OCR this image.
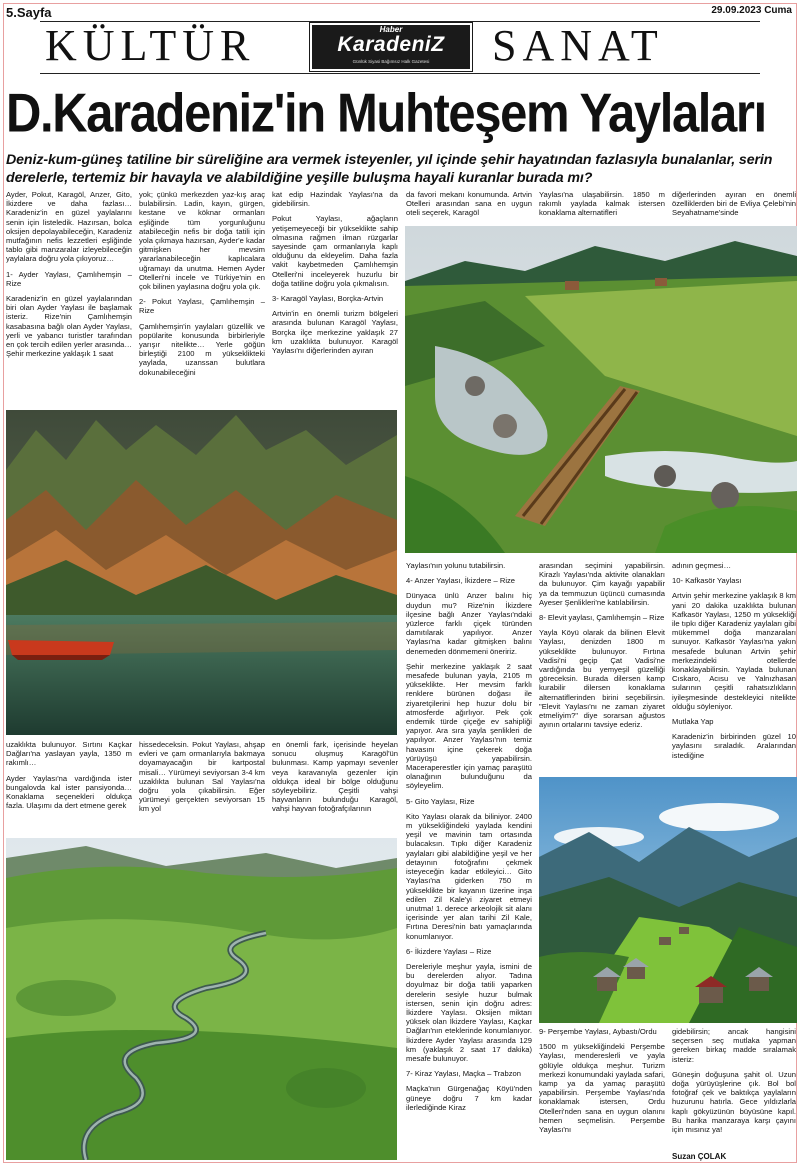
5.Sayfa	29.09.2023 Cuma
KÜLTÜR	Haber
KaradeniZ
Günlük Siyasi Bağımsız Halk Gazetesi	SANAT
D.Karadeniz'in Muhteşem Yaylaları
Deniz-kum-güneş tatiline bir süreliğine ara vermek isteyenler, yıl içinde şehir hayatından fazlasıyla bunalanlar, serin derelerle, tertemiz bir havayla ve alabildiğine yeşille buluşma hayali kuranlar burada mı?

Ayder, Pokut, Karagöl, Anzer, Gito, İkizdere ve daha fazlası… Karadeniz'in en güzel yaylalarını senin için listeledik. Hazırsan, bolca oksijen depolayabileceğin, Karadeniz mutfağının nefis lezzetleri eşliğinde tablo gibi manzaralar izleyebileceğin yaylalara doğru yola çıkıyoruz…

1- Ayder Yaylası, Çamlıhemşin – Rize

Karadeniz'in en güzel yaylalarından biri olan Ayder Yaylası ile başlamak isteriz. Rize'nin Çamlıhemşin kasabasına bağlı olan Ayder Yaylası, yerli ve yabancı turistler tarafından en çok tercih edilen yerler arasında… Şehir merkezine yaklaşık 1 saat

yok; çünkü merkezden yaz-kış araç bulabilirsin. Ladin, kayın, gürgen, kestane ve köknar ormanları eşliğinde tüm yorgunluğunu atabileceğin nefis bir doğa tatili için yola çıkmaya hazırsan, Ayder'e kadar gitmişken her mevsim yararlanabileceğin kaplıcalara uğramayı da unutma. Hemen Ayder Otelleri'ni incele ve Türkiye'nin en çok bilinen yaylasına doğru yola çık.

2- Pokut Yaylası, Çamlıhemşin – Rize

Çamlıhemşin'in yaylaları güzellik ve popülarite konusunda birbirleriyle yarışır nitelikte… Yerle göğün birleştiği 2100 m yükseklikteki yaylada, uzanssan bulutlara dokunabileceğini

kat edip Hazindak Yaylası'na da gidebilirsin.

Pokut Yaylası, ağaçların yetişemeyeceği bir yükseklikte sahip olmasına rağmen ilman rüzgarlar sayesinde çam ormanlarıyla kaplı olduğunu da ekleyelim. Daha fazla vakit kaybetmeden Çamlıhemşin Otelleri'ni inceleyerek huzurlu bir doğa tatiline doğru yola çıkmalısın.

3- Karagöl Yaylası, Borçka-Artvin

Artvin'in en önemli turizm bölgeleri arasında bulunan Karagöl Yaylası, Borçka ilçe merkezine yaklaşık 27 km uzaklıkta bulunuyor. Karagöl Yaylası'nı diğerlerinden ayıran

da favori mekanı konumunda. Artvin Otelleri arasından sana en uygun oteli seçerek, Karagöl

Yaylası'na ulaşabilirsin. 1850 m rakımlı yaylada kalmak istersen konaklama alternatifleri

diğerlerinden ayıran en önemli özelliklerden biri de Evliya Çelebi'nin Seyahatname'sinde

uzaklıkta bulunuyor. Sırtını Kaçkar Dağları'na yaslayan yayla, 1350 m rakımlı…

Ayder Yaylası'na vardığında ister bungalovda kal ister pansiyonda… Konaklama seçenekleri oldukça fazla. Ulaşımı da dert etmene gerek

hissedeceksin. Pokut Yaylası, ahşap evleri ve çam ormanlarıyla bakmaya doyamayacağın bir kartpostal misali… Yürümeyi seviyorsan 3-4 km uzaklıkta bulunan Sal Yaylası'na doğru yola çıkabilirsin. Eğer yürümeyi gerçekten seviyorsan 15 km yol

en önemli fark, içerisinde heyelan sonucu oluşmuş Karagöl'ün bulunması. Kamp yapmayı sevenler veya karavanıyla gezenler için oldukça ideal bir bölge olduğunu söyleyebiliriz. Çeşitli vahşi hayvanların bulunduğu Karagöl, vahşi hayvan fotoğrafçılarının

Yaylası'nın yolunu tutabilirsin.

4- Anzer Yaylası, İkizdere – Rize

Dünyaca ünlü Anzer balını hiç duydun mu? Rize'nin İkizdere ilçesine bağlı Anzer Yaylası'ndaki yüzlerce farklı çiçek türünden damıtılarak yapılıyor. Anzer Yaylası'na kadar gitmişken balını denemeden dönmemeni öneririz.

Şehir merkezine yaklaşık 2 saat mesafede bulunan yayla, 2105 m yükseklikte. Her mevsim farklı renklere bürünen doğası ile ziyaretçilerini hep huzur dolu bir atmosferde ağırlıyor. Pek çok endemik türde çiçeğe ev sahipliği yapıyor. Ara sıra yayla şenlikleri de yapılıyor. Anzer Yaylası'nın temiz havasını içine çekerek doğa yürüyüşü yapabilirsin. Maceraperestler için yamaç paraşütü olanağının bulunduğunu da söyleyelim.

5- Gito Yaylası, Rize

Kito Yaylası olarak da biliniyor. 2400 m yüksekliğindeki yaylada kendini yeşil ve mavinin tam ortasında bulacaksın. Tıpkı diğer Karadeniz yaylaları gibi alabildiğine yeşil ve her detayının fotoğrafını çekmek isteyeceğin kadar etkileyici… Gito Yaylası'na giderken 750 m yükseklikte bir kayanın üzerine inşa edilen Zil Kale'yi ziyaret etmeyi unutma! 1. derece arkeolojik sit alanı içerisinde yer alan tarihi Zil Kale, Fırtına Deresi'nin batı yamaçlarında konumlanıyor.

6- İkizdere Yaylası – Rize

Dereleriyle meşhur yayla, ismini de bu derelerden alıyor. Tadına doyulmaz bir doğa tatili yaparken derelerin sesiyle huzur bulmak istersen, senin için doğru adres: İkizdere Yaylası. Oksijen miktarı yüksek olan İkizdere Yaylası, Kaçkar Dağları'nın eteklerinde konumlanıyor. İkizdere Ayder Yaylası arasında 129 km (yaklaşık 2 saat 17 dakika) mesafe bulunuyor.

7- Kiraz Yaylası, Maçka – Trabzon

Maçka'nın Gürgenağaç Köyü'nden güneye doğru 7 km kadar ilerlediğinde Kiraz

arasından seçimini yapabilirsin. Kirazlı Yaylası'nda aktivite olanakları da bulunuyor. Çim kayağı yapabilir ya da temmuzun üçüncü cumasında Ayeser Şenlikleri'ne katılabilirsin.

8- Elevit yaylası, Çamlıhemşin – Rize

Yayla Köyü olarak da bilinen Elevit Yaylası, denizden 1800 m yükseklikte bulunuyor. Fırtına Vadisi'ni geçip Çat Vadisi'ne vardığında bu yemyeşil güzelliği göreceksin. Burada dilersen kamp kurabilir dilersen konaklama alternatiflerinden birini seçebilirsin. "Elevit Yaylası'nı ne zaman ziyaret etmeliyim?" diye sorarsan ağustos ayının ortalarını tavsiye ederiz.

adının geçmesi…

10- Kafkasör Yaylası

Artvin şehir merkezine yaklaşık 8 km yani 20 dakika uzaklıkta bulunan Kafkasör Yaylası, 1250 m yüksekliği ile tıpkı diğer Karadeniz yaylaları gibi mükemmel doğa manzaraları sunuyor. Kafkasör Yaylası'na yakın mesafede bulunan Artvin şehir merkezindeki otellerde konaklayabilirsin. Yaylada bulunan Cıskaro, Acısu ve Yalnızhasan sularının çeşitli rahatsızlıkların iyileşmesinde destekleyici nitelikte olduğu söyleniyor.

Mutlaka Yap

Karadeniz'in birbirinden güzel 10 yaylasını sıraladık. Aralarından istediğine

9- Perşembe Yaylası, Aybastı/Ordu

1500 m yüksekliğindeki Perşembe Yaylası, mendereslerli ve yayla gölüyle oldukça meşhur. Turizm merkezi konumundaki yaylada safari, kamp ya da yamaç paraşütü yapabilirsin. Perşembe Yaylası'nda konaklamak istersen, Ordu Otelleri'nden sana en uygun olanını hemen seçmelisin. Perşembe Yaylası'nı

gidebilirsin; ancak hangisini seçersen seç mutlaka yapman gereken birkaç madde sıralamak isteriz:

Güneşin doğuşuna şahit ol. Uzun doğa yürüyüşlerine çık. Bol bol fotoğraf çek ve baktıkça yaylaların huzurunu hatırla. Gece yıldızlarla kaplı gökyüzünün büyüsüne kapıl. Bu harika manzaraya karşı çayını için mısınız ya!

Suzan ÇOLAK
